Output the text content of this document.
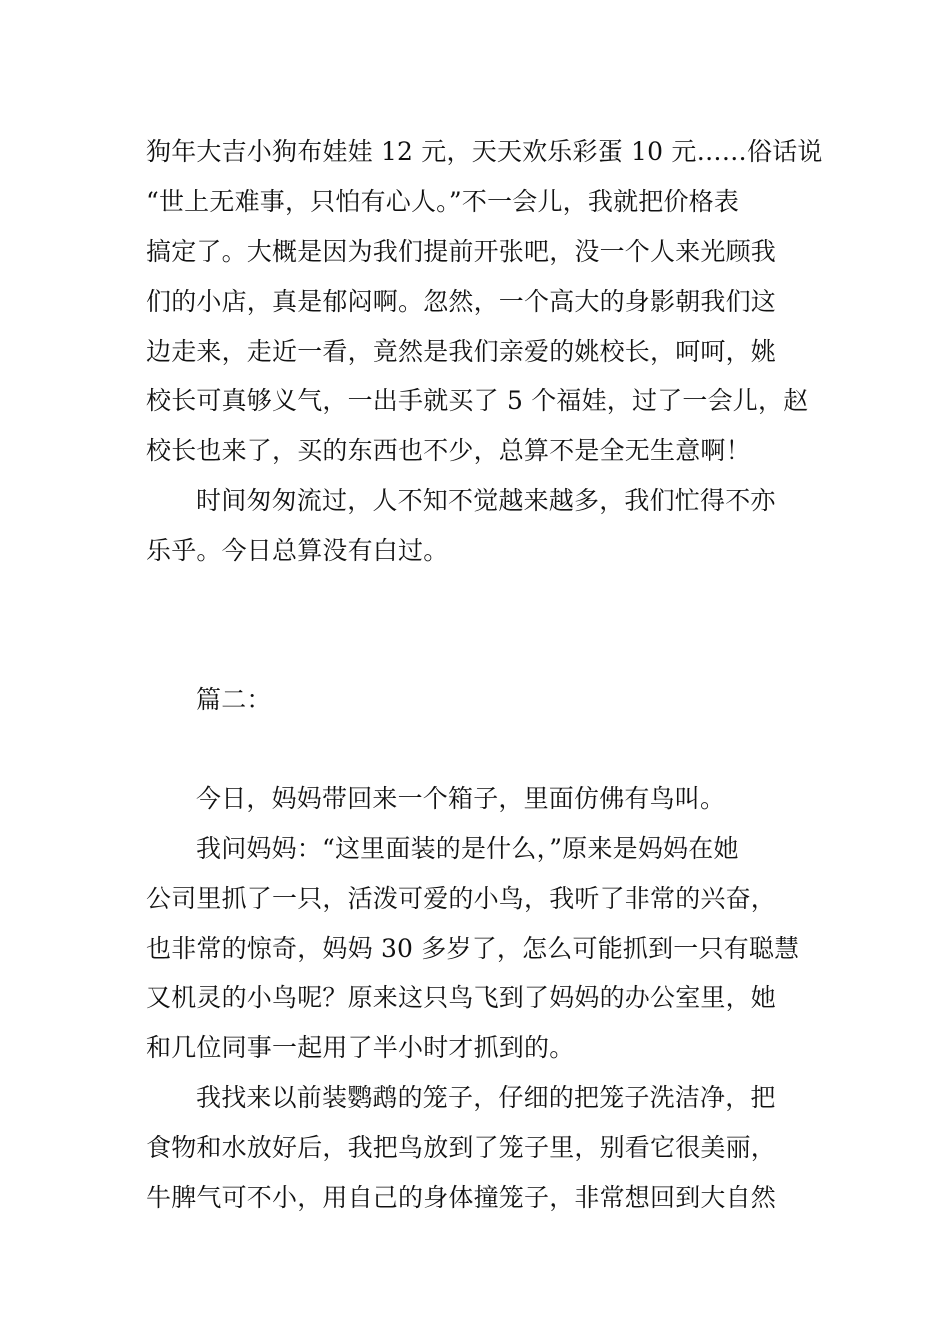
狗年大吉小狗布娃娃 12 元，天天欢乐彩蛋 10 元……俗话说
“世上无难事，只怕有心人。”不一会儿，我就把价格表
搞定了。大概是因为我们提前开张吧，没一个人来光顾我
们的小店，真是郁闷啊。忽然，一个高大的身影朝我们这
边走来，走近一看，竟然是我们亲爱的姚校长，呵呵，姚
校长可真够义气，一出手就买了 5 个福娃，过了一会儿，赵
校长也来了，买的东西也不少，总算不是全无生意啊！
时间匆匆流过，人不知不觉越来越多，我们忙得不亦
乐乎。今日总算没有白过。
篇二：
今日，妈妈带回来一个箱子，里面仿佛有鸟叫。
我问妈妈：“这里面装的是什么，”原来是妈妈在她
公司里抓了一只，活泼可爱的小鸟，我听了非常的兴奋，
也非常的惊奇，妈妈 30 多岁了，怎么可能抓到一只有聪慧
又机灵的小鸟呢？原来这只鸟飞到了妈妈的办公室里，她
和几位同事一起用了半小时才抓到的。
我找来以前装鹦鹉的笼子，仔细的把笼子洗洁净，把
食物和水放好后，我把鸟放到了笼子里，别看它很美丽，
牛脾气可不小，用自己的身体撞笼子，非常想回到大自然
